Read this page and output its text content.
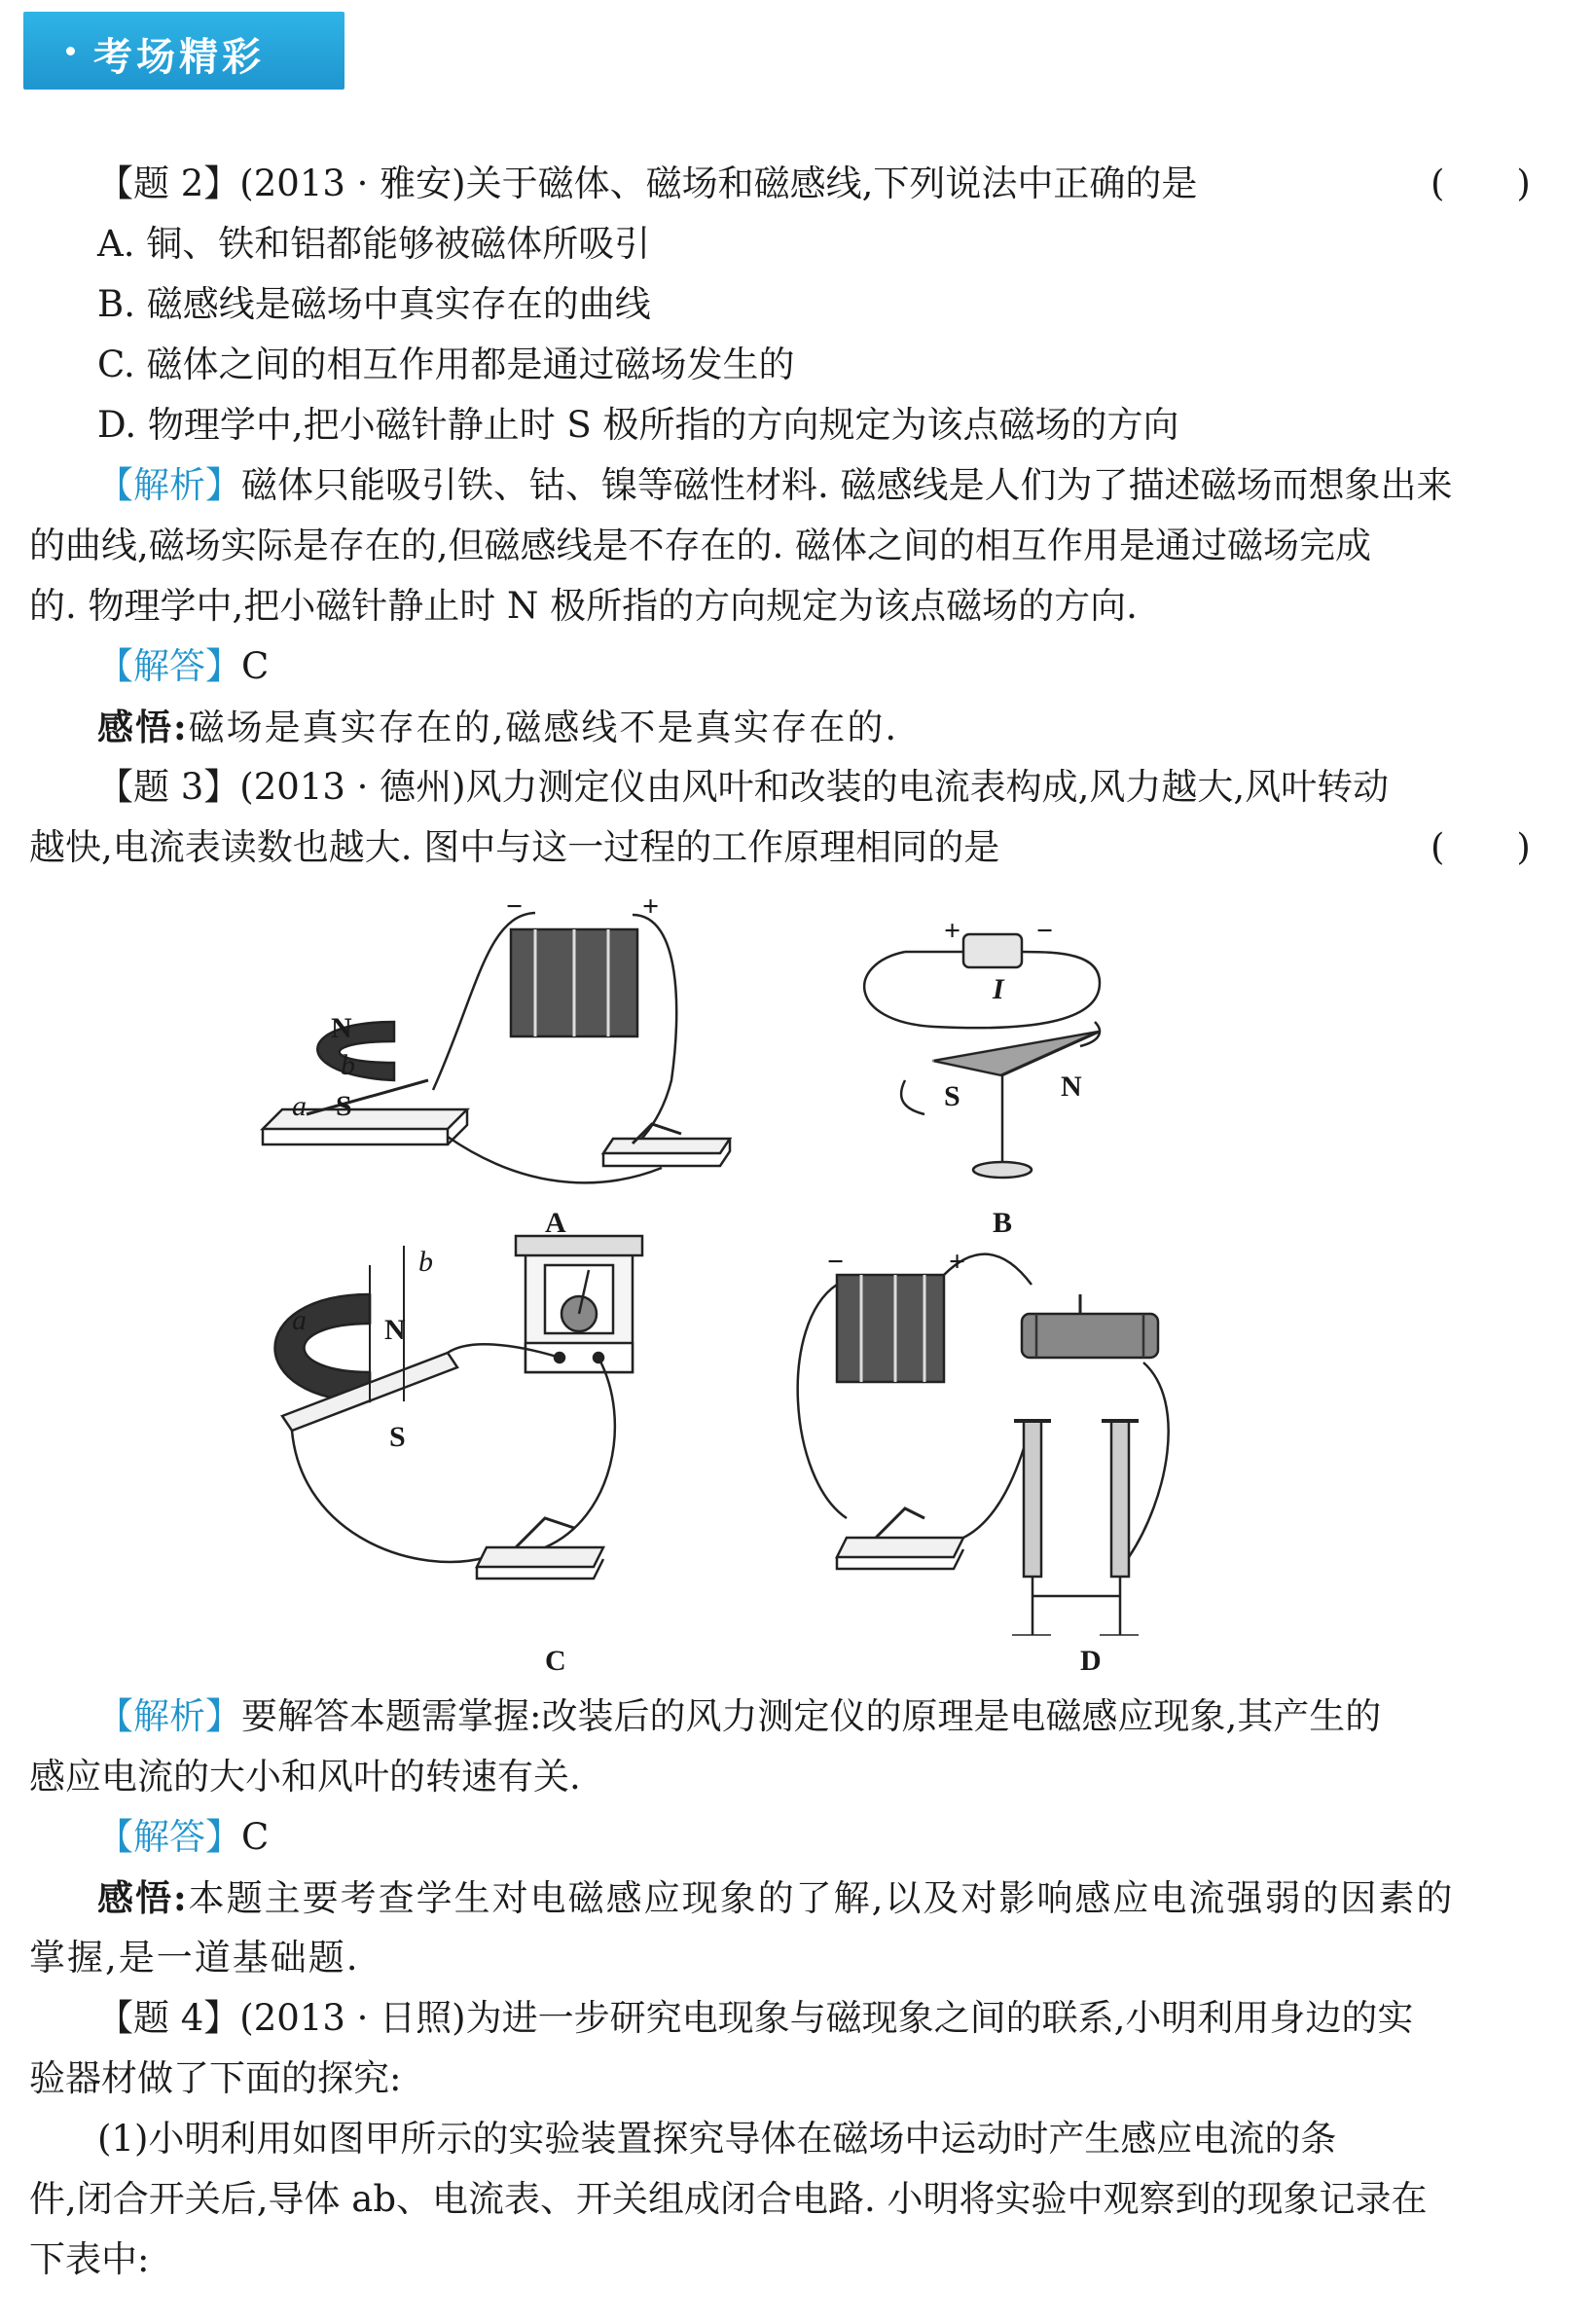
考场精彩
【题 2】(2013 · 雅安)关于磁体、磁场和磁感线,下列说法中正确的是	(　　)
A. 铜、铁和铝都能够被磁体所吸引
B. 磁感线是磁场中真实存在的曲线
C. 磁体之间的相互作用都是通过磁场发生的
D. 物理学中,把小磁针静止时 S 极所指的方向规定为该点磁场的方向
【解析】磁体只能吸引铁、钴、镍等磁性材料. 磁感线是人们为了描述磁场而想象出来
的曲线,磁场实际是存在的,但磁感线是不存在的. 磁体之间的相互作用是通过磁场完成
的. 物理学中,把小磁针静止时 N 极所指的方向规定为该点磁场的方向.
【解答】C
感悟:磁场是真实存在的,磁感线不是真实存在的.
【题 3】(2013 · 德州)风力测定仪由风叶和改装的电流表构成,风力越大,风叶转动
越快,电流表读数也越大. 图中与这一过程的工作原理相同的是	(　　)
N
b
a S
−	+
A
+	−
I
S	N
B
a
b
N
S
C
−	+
D
【解析】要解答本题需掌握:改装后的风力测定仪的原理是电磁感应现象,其产生的
感应电流的大小和风叶的转速有关.
【解答】C
感悟:本题主要考查学生对电磁感应现象的了解,以及对影响感应电流强弱的因素的
掌握,是一道基础题.
【题 4】(2013 · 日照)为进一步研究电现象与磁现象之间的联系,小明利用身边的实
验器材做了下面的探究:
(1)小明利用如图甲所示的实验装置探究导体在磁场中运动时产生感应电流的条
件,闭合开关后,导体 ab、电流表、开关组成闭合电路. 小明将实验中观察到的现象记录在
下表中:
